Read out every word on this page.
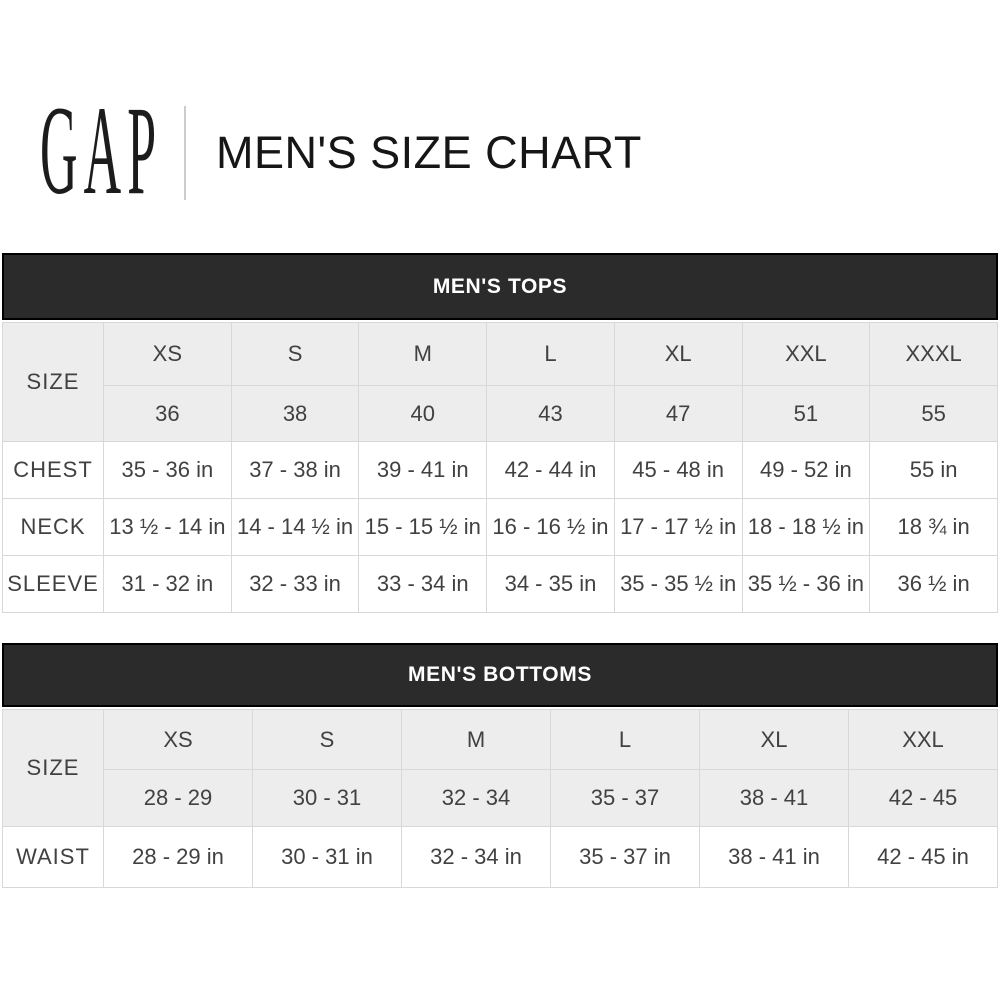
GAP MEN'S SIZE CHART
MEN'S TOPS
SIZE	XS	S	M	L	XL	XXL	XXXL
	36	38	40	43	47	51	55
CHEST	35 - 36 in	37 - 38 in	39 - 41 in	42 - 44 in	45 - 48 in	49 - 52 in	55 in
NECK	13 ½ - 14 in	14 - 14 ½ in	15 - 15 ½ in	16 - 16 ½ in	17 - 17 ½ in	18 - 18 ½ in	18 ¾ in
SLEEVE	31 - 32 in	32 - 33 in	33 - 34 in	34 - 35 in	35 - 35 ½ in	35 ½ - 36 in	36 ½ in
MEN'S BOTTOMS
SIZE	XS	S	M	L	XL	XXL
	28 - 29	30 - 31	32 - 34	35 - 37	38 - 41	42 - 45
WAIST	28 - 29 in	30 - 31 in	32 - 34 in	35 - 37 in	38 - 41 in	42 - 45 in
